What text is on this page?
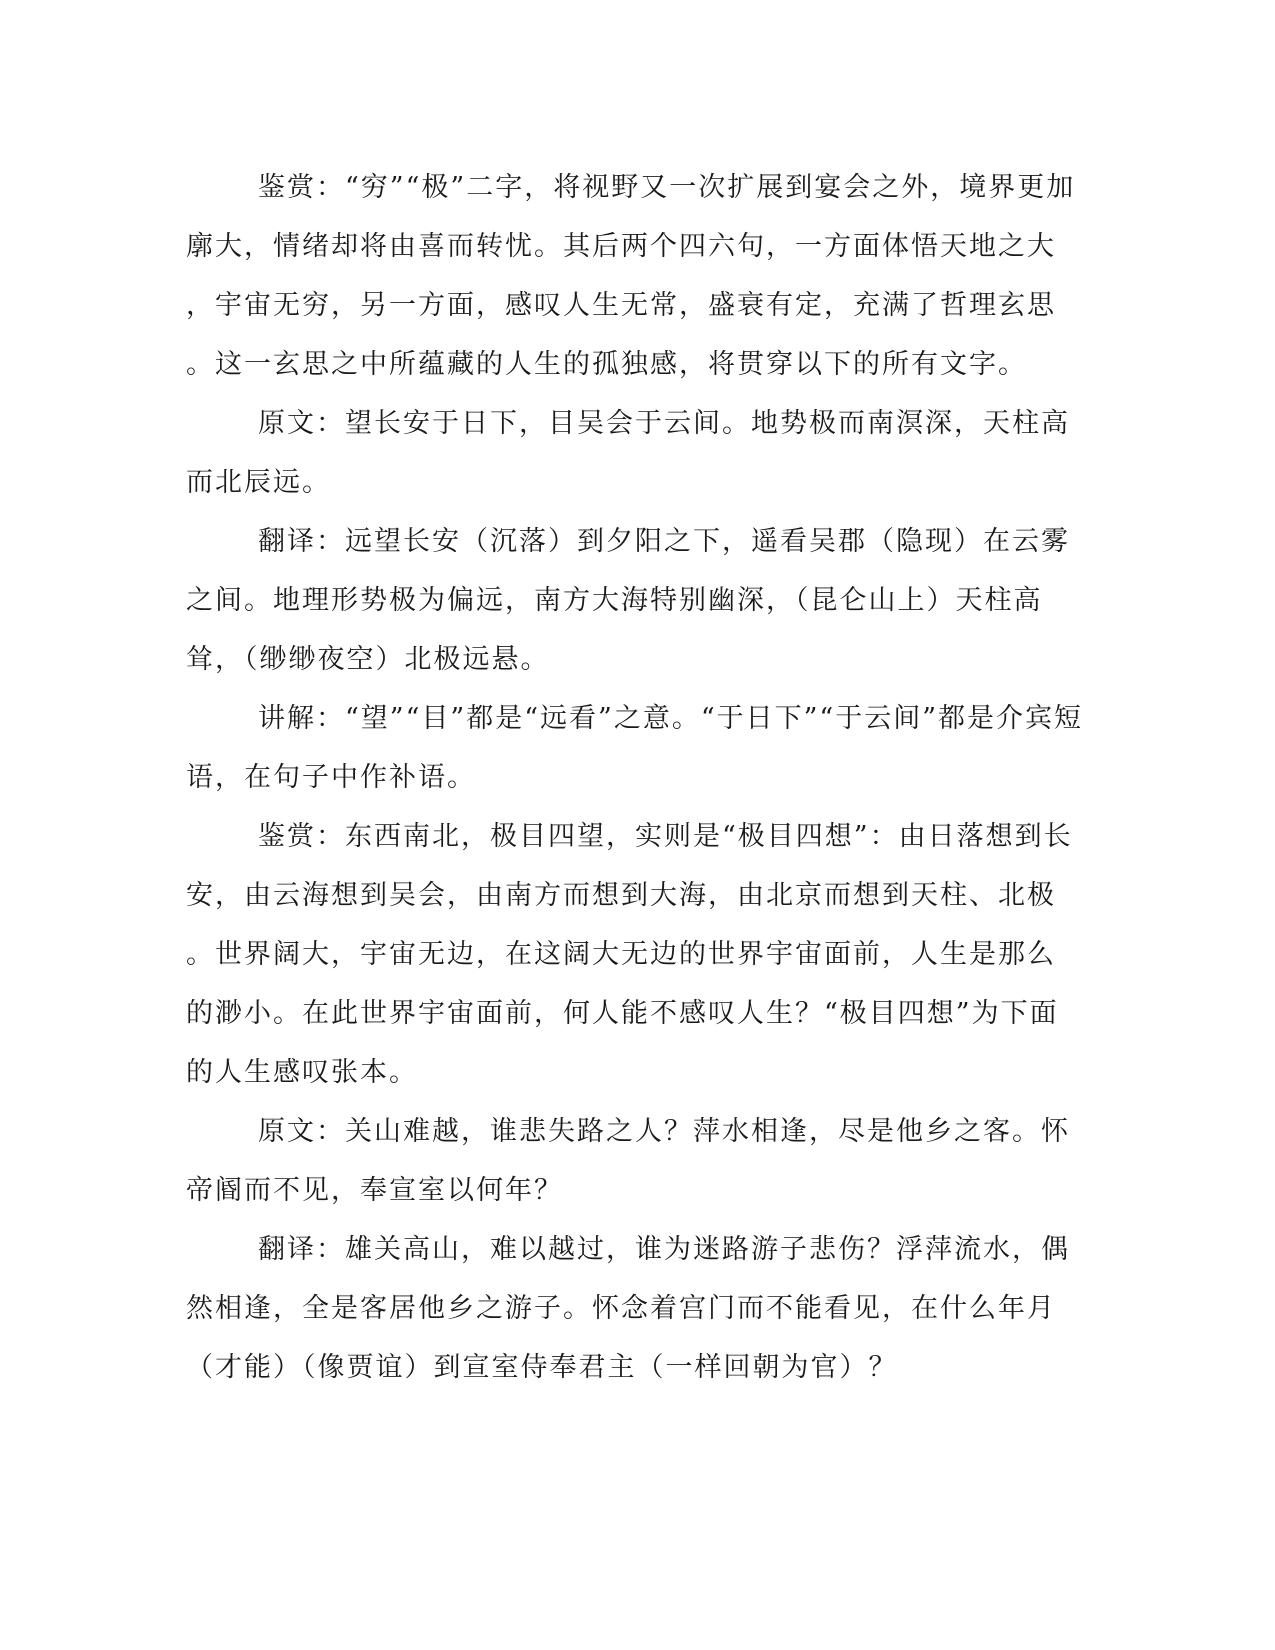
鉴赏：“穷”“极”二字，将视野又一次扩展到宴会之外，境界更加
廓大，情绪却将由喜而转忧。其后两个四六句，一方面体悟天地之大
，宇宙无穷，另一方面，感叹人生无常，盛衰有定，充满了哲理玄思
。这一玄思之中所蕴藏的人生的孤独感，将贯穿以下的所有文字。
原文：望长安于日下，目吴会于云间。地势极而南溟深，天柱高
而北辰远。
翻译：远望长安（沉落）到夕阳之下，遥看吴郡（隐现）在云雾
之间。地理形势极为偏远，南方大海特别幽深，（昆仑山上）天柱高
耸，（缈缈夜空）北极远悬。
讲解：“望”“目”都是“远看”之意。“于日下”“于云间”都是介宾短
语，在句子中作补语。
鉴赏：东西南北，极目四望，实则是“极目四想”：由日落想到长
安，由云海想到吴会，由南方而想到大海，由北京而想到天柱、北极
。世界阔大，宇宙无边，在这阔大无边的世界宇宙面前，人生是那么
的渺小。在此世界宇宙面前，何人能不感叹人生？“极目四想”为下面
的人生感叹张本。
原文：关山难越，谁悲失路之人？萍水相逢，尽是他乡之客。怀
帝阍而不见，奉宣室以何年？
翻译：雄关高山，难以越过，谁为迷路游子悲伤？浮萍流水，偶
然相逢，全是客居他乡之游子。怀念着宫门而不能看见，在什么年月
（才能）（像贾谊）到宣室侍奉君主（一样回朝为官）？
